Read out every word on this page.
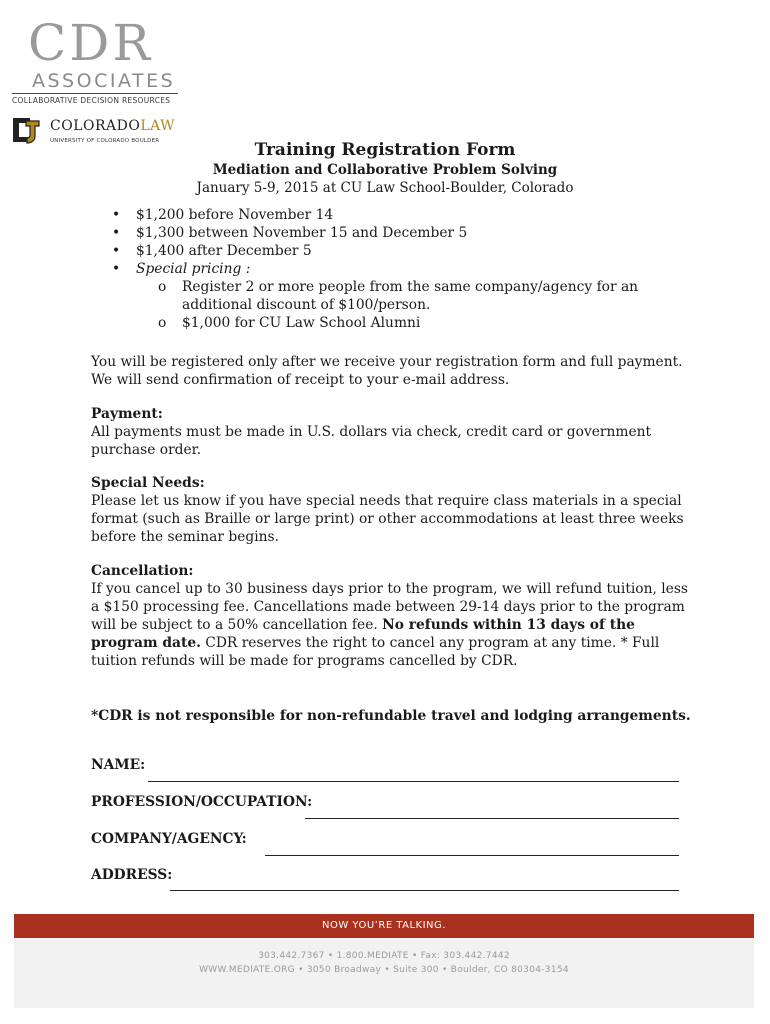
CDR
ASSOCIATES
COLLABORATIVE DECISION RESOURCES
COLORADOLAW
UNIVERSITY OF COLORADO BOULDER	Training Registration Form
Mediation and Collaborative Problem Solving
January 5-9, 2015 at CU Law School-Boulder, Colorado
• $1,200 before November 14
• $1,300 between November 15 and December 5
• $1,400 after December 5
• Special pricing :
o Register 2 or more people from the same company/agency for an additional discount of $100/person.
o $1,000 for CU Law School Alumni
You will be registered only after we receive your registration form and full payment. We will send confirmation of receipt to your e-mail address.
Payment:
All payments must be made in U.S. dollars via check, credit card or government purchase order.
Special Needs:
Please let us know if you have special needs that require class materials in a special format (such as Braille or large print) or other accommodations at least three weeks before the seminar begins.
Cancellation:
If you cancel up to 30 business days prior to the program, we will refund tuition, less a $150 processing fee. Cancellations made between 29-14 days prior to the program will be subject to a 50% cancellation fee. No refunds within 13 days of the program date. CDR reserves the right to cancel any program at any time. * Full tuition refunds will be made for programs cancelled by CDR.
*CDR is not responsible for non-refundable travel and lodging arrangements.
NAME:
PROFESSION/OCCUPATION:
COMPANY/AGENCY:
ADDRESS:
NOW YOU’RE TALKING.
303.442.7367 • 1.800.MEDIATE • Fax: 303.442.7442
WWW.MEDIATE.ORG • 3050 Broadway • Suite 300 • Boulder, CO 80304-3154
